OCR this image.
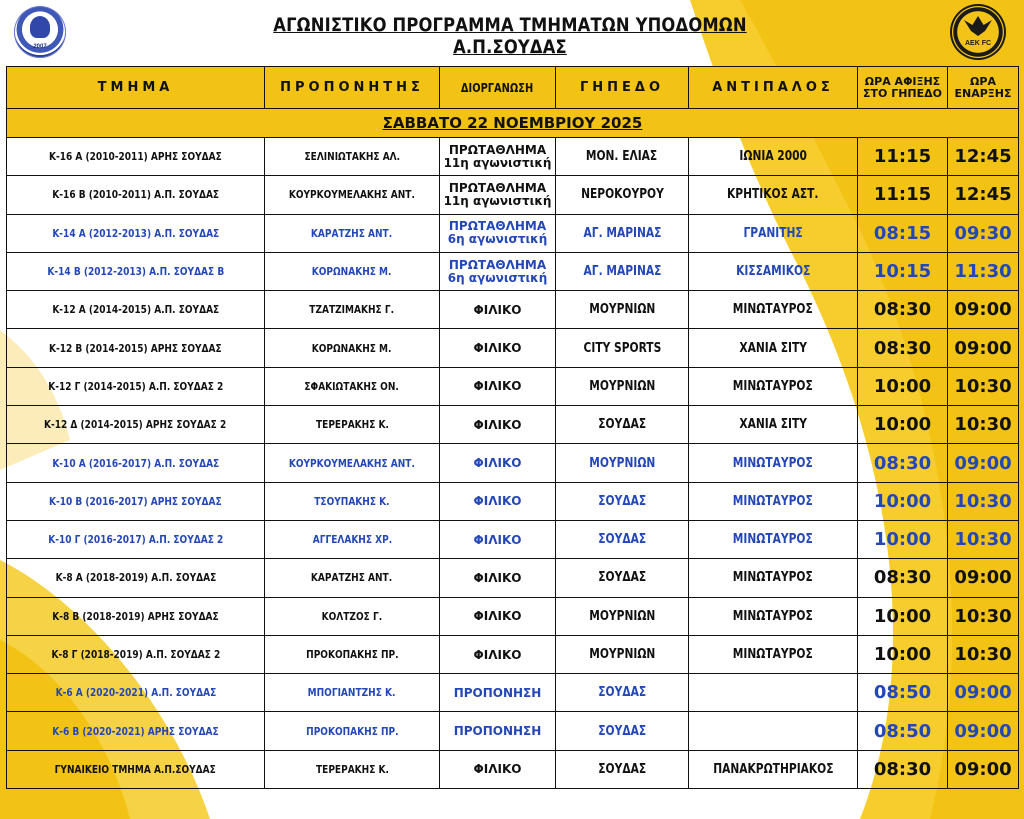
2007
ΑΓΩΝΙΣΤΙΚΟ ΠΡΟΓΡΑΜΜΑ ΤΜΗΜΑΤΩΝ ΥΠΟΔΟΜΩΝ Α.Π.ΣΟΥΔΑΣ	AEK FC
ΤΜΗΜΑ	ΠΡΟΠΟΝΗΤΗΣ	ΔΙΟΡΓΑΝΩΣΗ	ΓΗΠΕΔΟ	ΑΝΤΙΠΑΛΟΣ	ΩΡΑ ΑΦΙΞΗΣ
ΣΤΟ ΓΗΠΕΔΟ	ΩΡΑ
ΕΝΑΡΞΗΣ
ΣΑΒΒΑΤΟ 22 ΝΟΕΜΒΡΙΟΥ 2025						
Κ-16 Α (2010-2011) ΑΡΗΣ ΣΟΥΔΑΣ	ΣΕΛΙΝΙΩΤΑΚΗΣ ΑΛ.	ΠΡΩΤΑΘΛΗΜΑ
11η αγωνιστική	ΜΟΝ. ΕΛΙΑΣ	ΙΩΝΙΑ 2000	11:15	12:45
Κ-16 Β (2010-2011) Α.Π. ΣΟΥΔΑΣ	ΚΟΥΡΚΟΥΜΕΛΑΚΗΣ ΑΝΤ.	ΠΡΩΤΑΘΛΗΜΑ
11η αγωνιστική	ΝΕΡΟΚΟΥΡΟΥ	ΚΡΗΤΙΚΟΣ ΑΣΤ.	11:15	12:45
Κ-14 Α (2012-2013) Α.Π. ΣΟΥΔΑΣ	ΚΑΡΑΤΖΗΣ ΑΝΤ.	ΠΡΩΤΑΘΛΗΜΑ
6η αγωνιστική	ΑΓ. ΜΑΡΙΝΑΣ	ΓΡΑΝΙΤΗΣ	08:15	09:30
Κ-14 Β (2012-2013) Α.Π. ΣΟΥΔΑΣ Β	ΚΟΡΩΝΑΚΗΣ Μ.	ΠΡΩΤΑΘΛΗΜΑ
6η αγωνιστική	ΑΓ. ΜΑΡΙΝΑΣ	ΚΙΣΣΑΜΙΚΟΣ	10:15	11:30
Κ-12 Α (2014-2015) Α.Π. ΣΟΥΔΑΣ	ΤΖΑΤΖΙΜΑΚΗΣ Γ.	ΦΙΛΙΚΟ	ΜΟΥΡΝΙΩΝ	ΜΙΝΩΤΑΥΡΟΣ	08:30	09:00
Κ-12 Β (2014-2015) ΑΡΗΣ ΣΟΥΔΑΣ	ΚΟΡΩΝΑΚΗΣ Μ.	ΦΙΛΙΚΟ	CITY SPORTS	ΧΑΝΙΑ ΣΙΤΥ	08:30	09:00
Κ-12 Γ (2014-2015) Α.Π. ΣΟΥΔΑΣ 2	ΣΦΑΚΙΩΤΑΚΗΣ ΟΝ.	ΦΙΛΙΚΟ	ΜΟΥΡΝΙΩΝ	ΜΙΝΩΤΑΥΡΟΣ	10:00	10:30
Κ-12 Δ (2014-2015) ΑΡΗΣ ΣΟΥΔΑΣ 2	ΤΕΡΕΡΑΚΗΣ Κ.	ΦΙΛΙΚΟ	ΣΟΥΔΑΣ	ΧΑΝΙΑ ΣΙΤΥ	10:00	10:30
Κ-10 Α (2016-2017) Α.Π. ΣΟΥΔΑΣ	ΚΟΥΡΚΟΥΜΕΛΑΚΗΣ ΑΝΤ.	ΦΙΛΙΚΟ	ΜΟΥΡΝΙΩΝ	ΜΙΝΩΤΑΥΡΟΣ	08:30	09:00
Κ-10 Β (2016-2017) ΑΡΗΣ ΣΟΥΔΑΣ	ΤΣΟΥΠΑΚΗΣ Κ.	ΦΙΛΙΚΟ	ΣΟΥΔΑΣ	ΜΙΝΩΤΑΥΡΟΣ	10:00	10:30
Κ-10 Γ (2016-2017) Α.Π. ΣΟΥΔΑΣ 2	ΑΓΓΕΛΑΚΗΣ ΧΡ.	ΦΙΛΙΚΟ	ΣΟΥΔΑΣ	ΜΙΝΩΤΑΥΡΟΣ	10:00	10:30
Κ-8 Α (2018-2019) Α.Π. ΣΟΥΔΑΣ	ΚΑΡΑΤΖΗΣ ΑΝΤ.	ΦΙΛΙΚΟ	ΣΟΥΔΑΣ	ΜΙΝΩΤΑΥΡΟΣ	08:30	09:00
Κ-8 Β (2018-2019) ΑΡΗΣ ΣΟΥΔΑΣ	ΚΟΛΤΖΟΣ Γ.	ΦΙΛΙΚΟ	ΜΟΥΡΝΙΩΝ	ΜΙΝΩΤΑΥΡΟΣ	10:00	10:30
Κ-8 Γ (2018-2019) Α.Π. ΣΟΥΔΑΣ 2	ΠΡΟΚΟΠΑΚΗΣ ΠΡ.	ΦΙΛΙΚΟ	ΜΟΥΡΝΙΩΝ	ΜΙΝΩΤΑΥΡΟΣ	10:00	10:30
Κ-6 Α (2020-2021) Α.Π. ΣΟΥΔΑΣ	ΜΠΟΓΙΑΝΤΖΗΣ Κ.	ΠΡΟΠΟΝΗΣΗ	ΣΟΥΔΑΣ		08:50	09:00
Κ-6 Β (2020-2021) ΑΡΗΣ ΣΟΥΔΑΣ	ΠΡΟΚΟΠΑΚΗΣ ΠΡ.	ΠΡΟΠΟΝΗΣΗ	ΣΟΥΔΑΣ		08:50	09:00
ΓΥΝΑΙΚΕΙΟ ΤΜΗΜΑ Α.Π.ΣΟΥΔΑΣ	ΤΕΡΕΡΑΚΗΣ Κ.	ΦΙΛΙΚΟ	ΣΟΥΔΑΣ	ΠΑΝΑΚΡΩΤΗΡΙΑΚΟΣ	08:30	09:00
